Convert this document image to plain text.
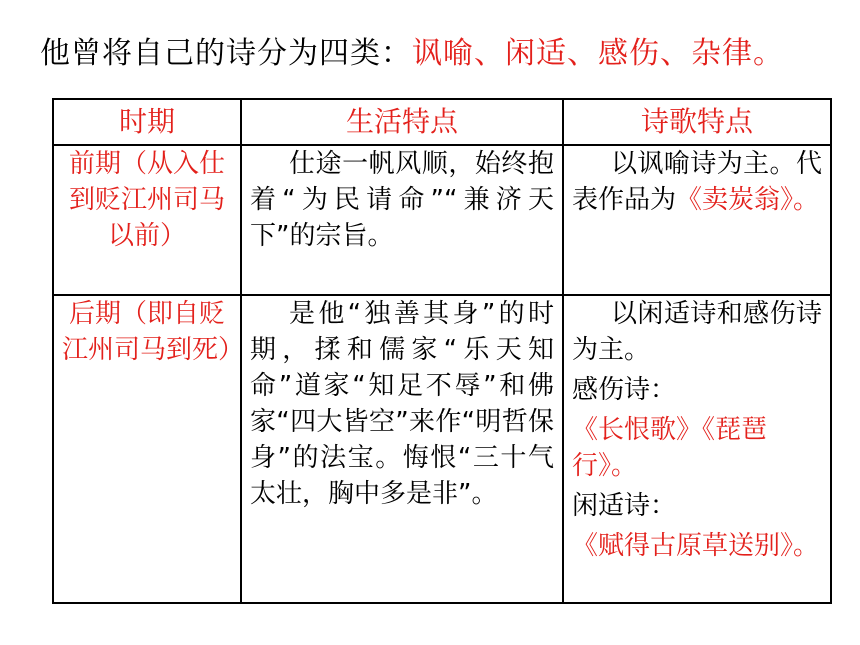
他曾将自己的诗分为四类：讽喻、闲适、感伤、杂律。
时期	生活特点	诗歌特点
前期（从入仕到贬江州司马以前）	仕途一帆风顺，始终抱着“为民请命”“兼济天下”的宗旨。	以讽喻诗为主。代表作品为《卖炭翁》。
后期（即自贬江州司马到死）	是他“独善其身”的时期，揉和儒家“乐天知命”道家“知足不辱”和佛家“四大皆空”来作“明哲保身”的法宝。悔恨“三十气太壮，胸中多是非”。	以闲适诗和感伤诗为主。
感伤诗：
《长恨歌》《琵琶行》。
闲适诗：
《赋得古原草送别》。
